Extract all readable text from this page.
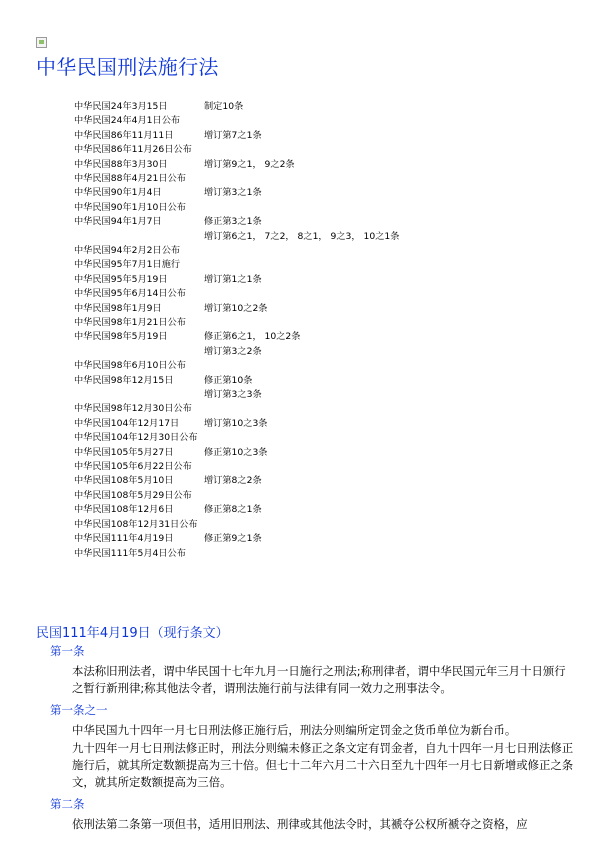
中华民国刑法施行法
中华民国24年3月15日	制定10条
中华民国24年4月1日公布
中华民国86年11月11日	增订第7之1条
中华民国86年11月26日公布
中华民国88年3月30日	增订第9之1， 9之2条
中华民国88年4月21日公布
中华民国90年1月4日	增订第3之1条
中华民国90年1月10日公布
中华民国94年1月7日	修正第3之1条
增订第6之1， 7之2， 8之1， 9之3， 10之1条
中华民国94年2月2日公布
中华民国95年7月1日施行
中华民国95年5月19日	增订第1之1条
中华民国95年6月14日公布
中华民国98年1月9日	增订第10之2条
中华民国98年1月21日公布
中华民国98年5月19日	修正第6之1， 10之2条
增订第3之2条
中华民国98年6月10日公布
中华民国98年12月15日	修正第10条
增订第3之3条
中华民国98年12月30日公布
中华民国104年12月17日	增订第10之3条
中华民国104年12月30日公布
中华民国105年5月27日	修正第10之3条
中华民国105年6月22日公布
中华民国108年5月10日	增订第8之2条
中华民国108年5月29日公布
中华民国108年12月6日	修正第8之1条
中华民国108年12月31日公布
中华民国111年4月19日	修正第9之1条
中华民国111年5月4日公布
民国111年4月19日（现行条文）
第一条

本法称旧刑法者，谓中华民国十七年九月一日施行之刑法;称刑律者，谓中华民国元年三月十日颁行之暂行新刑律;称其他法令者，谓刑法施行前与法律有同一效力之刑事法令。

第一条之一

中华民国九十四年一月七日刑法修正施行后，刑法分则编所定罚金之货币单位为新台币。

九十四年一月七日刑法修正时，刑法分则编未修正之条文定有罚金者，自九十四年一月七日刑法修正施行后，就其所定数额提高为三十倍。但七十二年六月二十六日至九十四年一月七日新增或修正之条文，就其所定数额提高为三倍。

第二条

依刑法第二条第一项但书，适用旧刑法、刑律或其他法令时，其褫夺公权所褫夺之资格，应
